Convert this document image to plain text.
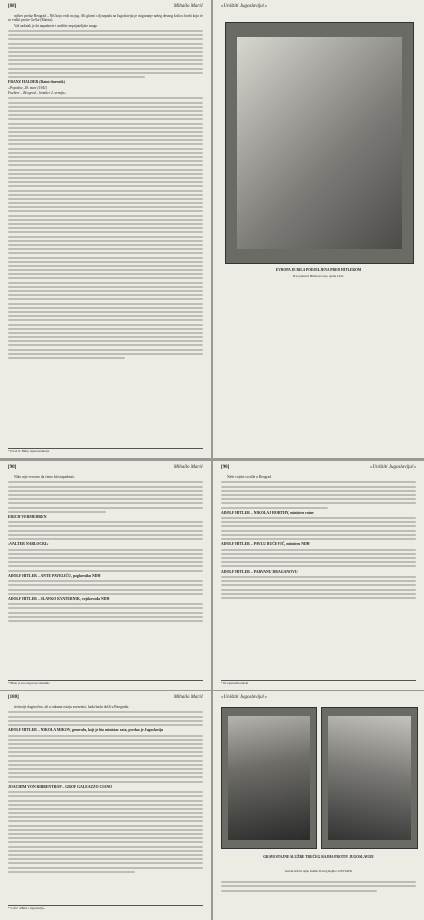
[88]	Mihailo Marić

njihov prelaz Beograd – Niš koju vodi na jug. Ali glavni cilj napada na Jugoslaviju je osiguranje našeg desnog krila u borbi koja će se voditi protiv Grčke (Marita).

Vaš zadatak je da napadnete i uništite neprijateljske snage.

FRANZ HALDER (Ratni dnevnik)

»Popodne, 28. mart (1941)

Fuehrer – Beograd – bomber 2. armija«

* Izvod iz: Hitler, tajne instrukcije
»Uništiti Jugoslaviju!«
EVROPA JE BILA PODJELJENA PRED HITLEROM
Prva planovi Hitlerova rata, aprila 1941.
[90]	Mihailo Marić

Niko nije verovao da ćemo biti napadnuti.

ERICH VERMEHREN

»VALTER NABLOCKI«

ADOLF HITLER – ANTE PAVELIĆU, poglavniku NDH

ADOLF HITLER – SLAVKO KVATERNIK, vojskovođa NDH

* Hitler je sve razgovore zabeležio
[90]	»Uništiti Jugoslaviju!«

Naše vojske su ušle u Beograd.

ADOLF HITLER – NIKOLAJ HORTHY, ministru ratne

ADOLF HITLER – PAVLU BUĆEVIĆ, ministru NDH

ADOLF HITLER – PARVANU DRAGANOVU

* Ili sopstvenih rukom
[180]	Mihailo Marić

teritorije dugoročno, ali u rukama ostaju saveznici, kada budu došli u Beogradu.

ADOLF HITLER – NIKOLA MIKOV, generalu, koji je bio ministar rata, predao je Jugoslaviju

JOACHIM VON RIBBENTROP – GROF GALEAZZO CIANO

* S. Ilić: »Hitler i Jugoslavija«
»Uništiti Jugoslaviju!«
GRAVESTAJNE SLUŽBE TREĆEG RAJHA PROTIV JUGOSLAVIJE
Glavni šefovi tajne službe Trećeg Rajha i GESTAPO
